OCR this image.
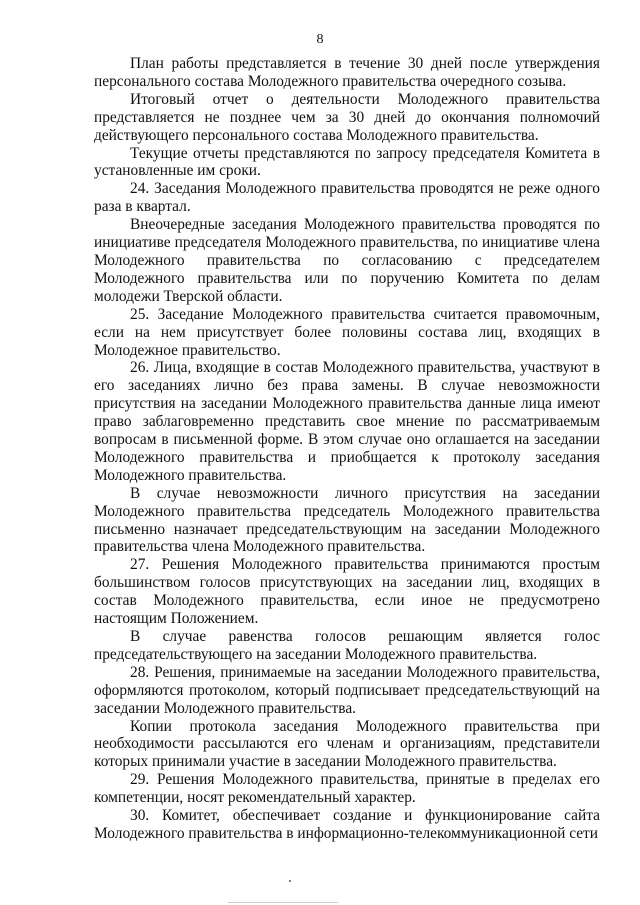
8

План работы представляется в течение 30 дней после утверждения персонального состава Молодежного правительства очередного созыва.

Итоговый отчет о деятельности Молодежного правительства представляется не позднее чем за 30 дней до окончания полномочий действующего персонального состава Молодежного правительства.

Текущие отчеты представляются по запросу председателя Комитета в установленные им сроки.

24. Заседания Молодежного правительства проводятся не реже одного раза в квартал.

Внеочередные заседания Молодежного правительства проводятся по инициативе председателя Молодежного правительства, по инициативе члена Молодежного правительства по согласованию с председателем Молодежного правительства или по поручению Комитета по делам молодежи Тверской области.

25. Заседание Молодежного правительства считается правомочным, если на нем присутствует более половины состава лиц, входящих в Молодежное правительство.

26. Лица, входящие в состав Молодежного правительства, участвуют в его заседаниях лично без права замены. В случае невозможности присутствия на заседании Молодежного правительства данные лица имеют право заблаговременно представить свое мнение по рассматриваемым вопросам в письменной форме. В этом случае оно оглашается на заседании Молодежного правительства и приобщается к протоколу заседания Молодежного правительства.

В случае невозможности личного присутствия на заседании Молодежного правительства председатель Молодежного правительства письменно назначает председательствующим на заседании Молодежного правительства члена Молодежного правительства.

27. Решения Молодежного правительства принимаются простым большинством голосов присутствующих на заседании лиц, входящих в состав Молодежного правительства, если иное не предусмотрено настоящим Положением.

В случае равенства голосов решающим является голос председательствующего на заседании Молодежного правительства.

28. Решения, принимаемые на заседании Молодежного правительства, оформляются протоколом, который подписывает председательствующий на заседании Молодежного правительства.

Копии протокола заседания Молодежного правительства при необходимости рассылаются его членам и организациям, представители которых принимали участие в заседании Молодежного правительства.

29. Решения Молодежного правительства, принятые в пределах его компетенции, носят рекомендательный характер.

30. Комитет, обеспечивает создание и функционирование сайта Молодежного правительства в информационно-телекоммуникационной сети
